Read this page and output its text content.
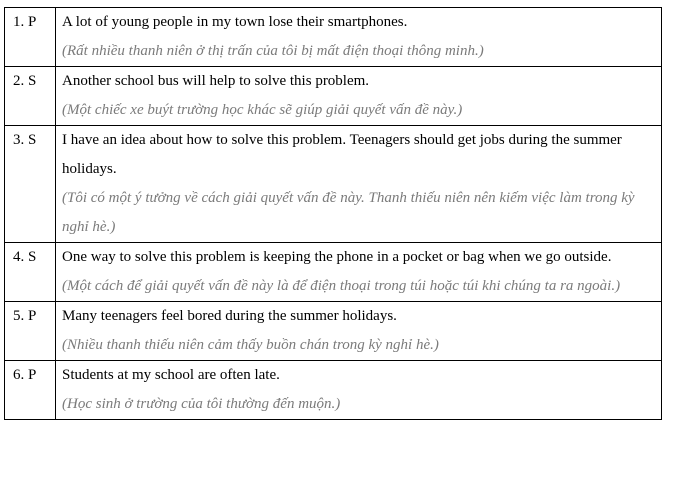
1. P	A lot of young people in my town lose their smartphones.

(Rất nhiều thanh niên ở thị trấn của tôi bị mất điện thoại thông minh.)

2. S	Another school bus will help to solve this problem.

(Một chiếc xe buýt trường học khác sẽ giúp giải quyết vấn đề này.)

3. S	I have an idea about how to solve this problem. Teenagers should get jobs during the summer holidays.

(Tôi có một ý tưởng về cách giải quyết vấn đề này. Thanh thiếu niên nên kiếm việc làm trong kỳ nghỉ hè.)

4. S	One way to solve this problem is keeping the phone in a pocket or bag when we go outside.

(Một cách để giải quyết vấn đề này là để điện thoại trong túi hoặc túi khi chúng ta ra ngoài.)

5. P	Many teenagers feel bored during the summer holidays.

(Nhiều thanh thiếu niên cảm thấy buồn chán trong kỳ nghỉ hè.)

6. P	Students at my school are often late.

(Học sinh ở trường của tôi thường đến muộn.)
